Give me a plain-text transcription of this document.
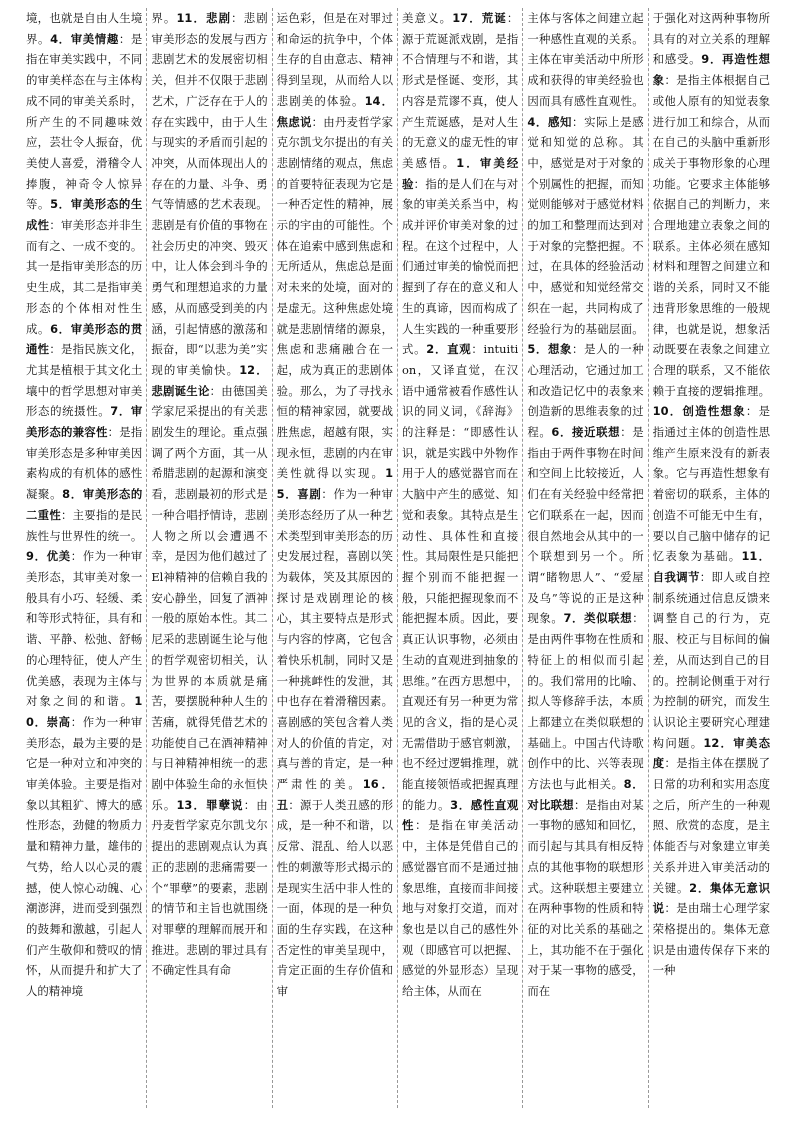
境，也就是自由人生境界。4．审美情趣：是指在审美实践中，不同的审美样态在与主体构成不同的审美关系时，所产生的不同趣味效应，芸壮令人振奋，优美使人喜爱，滑稽令人捧腹，神奇令人惊异等。5．审美形态的生成性：审美形态并非生而有之、一成不变的。其一是指审美形态的历史生成，其二是指审美形态的个体相对性生成。6．审美形态的贯通性：是指民族文化，尤其是植根于其文化土壤中的哲学思想对审美形态的统摄性。7．审美形态的兼容性：是指审美形态是多种审美因素构成的有机体的感性凝聚。8．审美形态的二重性：主要指的是民族性与世界性的统一。9．优美：作为一种审美形态，其审美对象一般具有小巧、轻缓、柔和等形式特征，具有和谐、平静、松弛、舒畅的心理特征，使人产生优美感，表现为主体与对象之间的和谐。10．崇高：作为一种审美形态，最为主要的是它是一种对立和冲突的审美体验。主要是指对象以其粗犷、博大的感性形态，劲健的物质力量和精神力量，雄伟的气势，给人以心灵的震撼，使人惊心动魄、心潮澎湃，进而受到强烈的鼓舞和激越，引起人们产生敬仰和赞叹的情怀，从而提升和扩大了人的精神境
界。11．悲剧：悲剧审美形态的发展与西方悲剧艺术的发展密切相关，但并不仅限于悲剧艺术，广泛存在于人的存在实践中，由于人生与现实的矛盾而引起的冲突，从而体现出人的存在的力量、斗争、勇气等情感的艺术表现。悲剧是有价值的事物在社会历史的冲突、毁灭中，让人体会到斗争的勇气和理想追求的力量感，从而感受到美的内涵，引起情感的激荡和振奋，即“以悲为美”实现的审美愉快。12．悲剧诞生论：由德国美学家尼采提出的有关悲剧发生的理论。重点强调了两个方面，其一从希腊悲剧的起源和演变看，悲剧最初的形式是一种合唱抒情诗，悲剧人物之所以会遭遇不幸，是因为他们越过了El神精神的信赖自我的安心静坐，回复了酒神一般的原始本性。其二尼采的悲剧诞生论与他的哲学观密切相关，认为世界的本质就是痛苦，要摆脱种种人生的苦痛，就得凭借艺术的功能使自己在酒神精神与日神精神相统一的悲剧中体验生命的永恒快乐。13．罪孽说：由丹麦哲学家克尔凯戈尔提出的悲剧观点认为真正的悲剧的悲痛需要一个“罪孽”的要素，悲剧的情节和主旨也就围绕对罪孽的理解而展开和推进。悲剧的罪过具有不确定性具有命
运色彩，但是在对罪过和命运的抗争中，个体生存的自由意志、精神得到呈现，从而给人以悲剧美的体验。14．焦虑说：由丹麦哲学家克尔凯戈尔提出的有关悲剧情绪的观点，焦虑的首要特征表现为它是一种否定性的精神，展示的宇由的可能性。个体在追索中感到焦虑和无所适从，焦虑总是面对未来的处境，面对的是虚无。这种焦虑处境就是悲剧情绪的源泉，焦虑和悲痛融合在一起，成为真正的悲剧体验。那么，为了寻找永恒的精神家园，就要战胜焦虑，超越有限，实现永恒，悲剧的内在审美性就得以实现。15．喜剧：作为一种审美形态经历了从一种艺术类型到审美形态的历史发展过程，喜剧以笑为载体，笑及其原因的探讨是戏剧理论的核心，其主要特点是形式与内容的悖离，它包含着快乐机制，同时又是一种挑衅性的发泄，其中也存在着滑稽因素。喜剧感的笑包含着人类对人的价值的肯定，对真与善的肯定，是一种严肃性的美。16．丑：源于人类丑感的形成，是一种不和谐，以反常、混乱、给人以恶性的刺激等形式揭示的是现实生活中非人性的一面，体现的是一种负面的生存实践，在这种否定性的审美呈现中，肯定正面的生存价值和审
美意义。17．荒诞：源于荒诞派戏剧，是指不合情理与不和谐，其形式是怪诞、变形，其内容是荒谬不真，使人产生荒诞感，是对人生的无意义的虚无性的审美感悟。1．审美经验：指的是人们在与对象的审美关系当中，构成并评价审美对象的过程。在这个过程中，人们通过审美的愉悦而把握到了存在的意义和人生的真谛，因而构成了人生实践的一种重要形式。2．直观：intuition，又译直觉，在汉语中通常被看作感性认识的同义词，《辞海》的注释是：“即感性认识，就是实践中外物作用于人的感觉器官而在大脑中产生的感觉、知觉和表象。其特点是生动性、具体性和直接性。其局限性是只能把握个别而不能把握一般，只能把握现象而不能把握本质。因此，要真正认识事物，必须由生动的直观进到抽象的思维。”在西方思想中，直观还有另一种更为常见的含义，指的是心灵无需借助于感官刺激，也不经过逻辑推理，就能直接领悟或把握真理的能力。3．感性直观性：是指在审美活动中，主体是凭借自己的感觉器官而不是通过抽象思维，直接而非间接地与对象打交道，而对象也是以自己的感性外观（即感官可以把握、感觉的外显形态）呈现给主体，从而在
主体与客体之间建立起一种感性直观的关系。主体在审美活动中所形成和获得的审美经验也因而具有感性直观性。4．感知：实际上是感觉和知觉的总称。其中，感觉是对于对象的个别属性的把握，而知觉则能够对于感觉材料的加工和整理而达到对于对象的完整把握。不过，在具体的经验活动中，感觉和知觉经常交织在一起，共同构成了经验行为的基础层面。5．想象：是人的一种心理活动，它通过加工和改造记忆中的表象来创造新的思维表象的过程。6．接近联想：是指由于两件事物在时间和空间上比较接近，人们在有关经验中经常把它们联系在一起，因而很自然地会从其中的一个联想到另一个。所谓“睹物思人”、“爱屋及乌”等说的正是这种现象。7．类似联想：是由两件事物在性质和特征上的相似而引起的。我们常用的比喻、拟人等修辞手法，本质上都建立在类似联想的基础上。中国古代诗歌创作中的比、兴等表现方法也与此相关。8．对比联想：是指由对某一事物的感知和回忆，而引起与其具有相反特点的其他事物的联想形式。这种联想主要建立在两种事物的性质和特征的对比关系的基础之上，其功能不在于强化对于某一事物的感受，而在
于强化对这两种事物所具有的对立关系的理解和感受。9．再造性想象：是指主体根据自己或他人原有的知觉表象进行加工和综合，从而在自己的头脑中重新形成关于事物形象的心理功能。它要求主体能够依据自己的判断力，来合理地建立表象之间的联系。主体必须在感知材料和理智之间建立和谐的关系，同时又不能违背形象思维的一般规律，也就是说，想象活动既要在表象之间建立合理的联系，又不能依赖于直接的逻辑推理。10．创造性想象：是指通过主体的创造性思维产生原来没有的新表象。它与再造性想象有着密切的联系，主体的创造不可能无中生有，要以自己脑中储存的记忆表象为基础。11．自我调节：即人或自控制系统通过信息反馈来调整自己的行为，克服、校正与目标间的偏差，从而达到自己的目的。控制论侧重于对行为控制的研究，而发生认识论主要研究心理建构问题。12．审美态度：是指主体在摆脱了日常的功利和实用态度之后，所产生的一种观照、欣赏的态度，是主体能否与对象建立审美关系并进入审美活动的关键。2．集体无意识说：是由瑞士心理学家荣格提出的。集体无意识是由遗传保存下来的一种
